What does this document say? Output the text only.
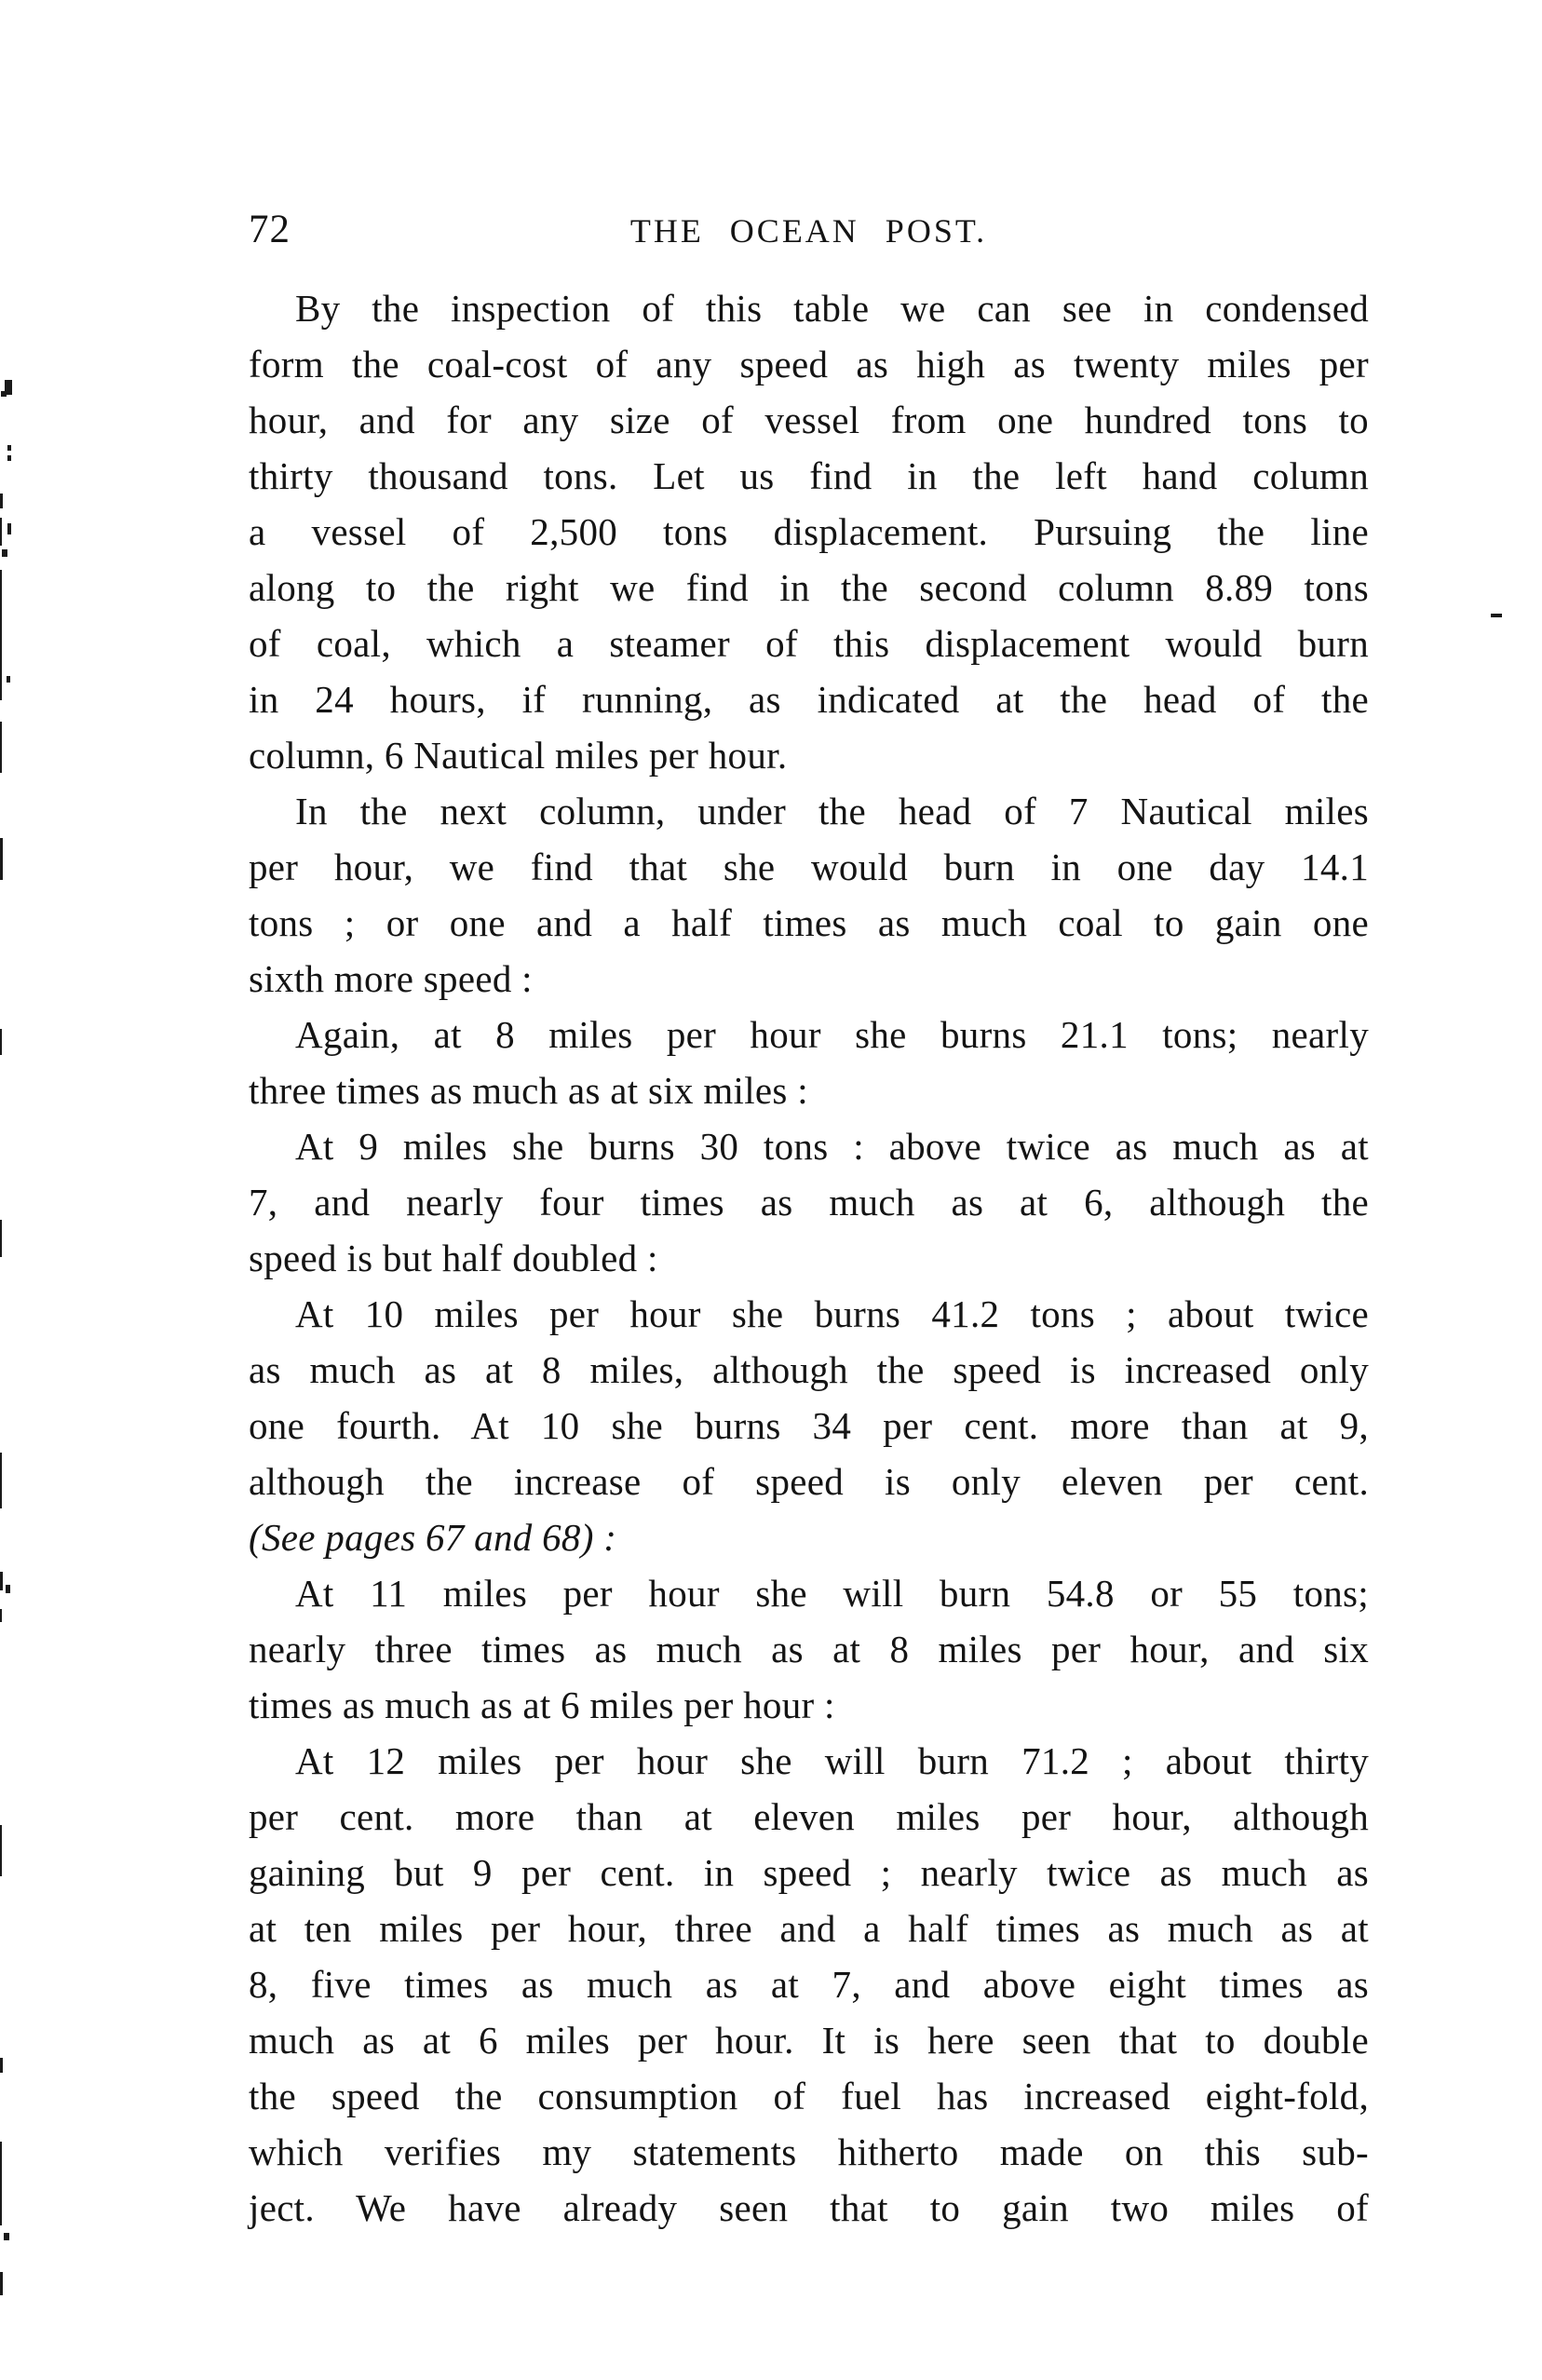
72	THE OCEAN POST.
By the inspection of this table we can see in condensed
form the coal-cost of any speed as high as twenty miles per
hour, and for any size of vessel from one hundred tons to
thirty thousand tons. Let us find in the left hand column
a vessel of 2,500 tons displacement. Pursuing the line
along to the right we find in the second column 8.89 tons
of coal, which a steamer of this displacement would burn
in 24 hours, if running, as indicated at the head of the
column, 6 Nautical miles per hour.
In the next column, under the head of 7 Nautical miles
per hour, we find that she would burn in one day 14.1
tons ; or one and a half times as much coal to gain one
sixth more speed :
Again, at 8 miles per hour she burns 21.1 tons; nearly
three times as much as at six miles :
At 9 miles she burns 30 tons : above twice as much as at
7, and nearly four times as much as at 6, although the
speed is but half doubled :
At 10 miles per hour she burns 41.2 tons ; about twice
as much as at 8 miles, although the speed is increased only
one fourth. At 10 she burns 34 per cent. more than at 9,
although the increase of speed is only eleven per cent.
(See pages 67 and 68) :
At 11 miles per hour she will burn 54.8 or 55 tons;
nearly three times as much as at 8 miles per hour, and six
times as much as at 6 miles per hour :
At 12 miles per hour she will burn 71.2 ; about thirty
per cent. more than at eleven miles per hour, although
gaining but 9 per cent. in speed ; nearly twice as much as
at ten miles per hour, three and a half times as much as at
8, five times as much as at 7, and above eight times as
much as at 6 miles per hour. It is here seen that to double
the speed the consumption of fuel has increased eight-fold,
which verifies my statements hitherto made on this sub-
ject. We have already seen that to gain two miles of
